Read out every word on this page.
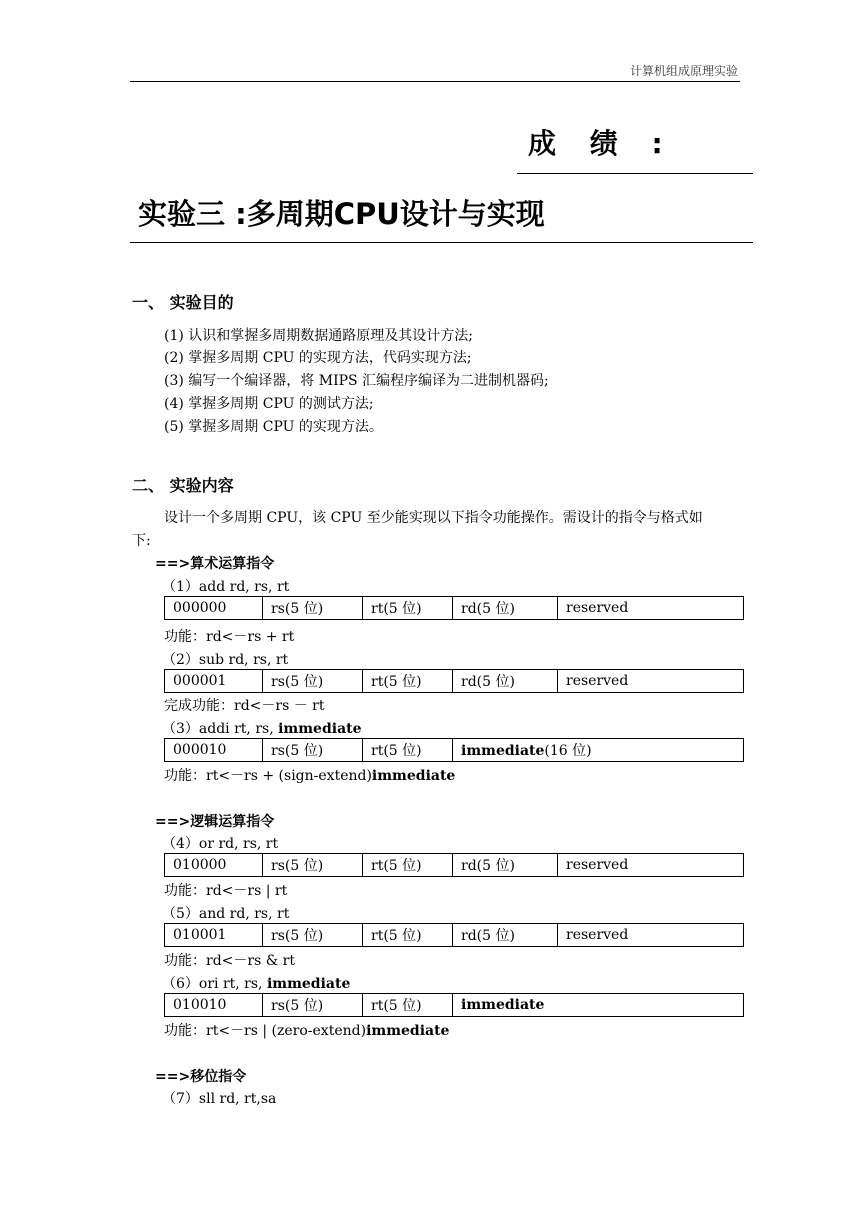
计算机组成原理实验
成 绩 :
实验三 :多周期CPU设计与实现
一、 实验目的
(1) 认识和掌握多周期数据通路原理及其设计方法;
(2) 掌握多周期 CPU 的实现方法，代码实现方法;
(3) 编写一个编译器，将 MIPS 汇编程序编译为二进制机器码;
(4) 掌握多周期 CPU 的测试方法;
(5) 掌握多周期 CPU 的实现方法。
二、 实验内容
设计一个多周期 CPU，该 CPU 至少能实现以下指令功能操作。需设计的指令与格式如
下:
==>算术运算指令
（1）add rd, rs, rt
000000	rs(5 位)	rt(5 位)	rd(5 位)	reserved
功能：rd<－rs + rt
（2）sub rd, rs, rt
000001	rs(5 位)	rt(5 位)	rd(5 位)	reserved
完成功能：rd<－rs － rt
（3）addi rt, rs, immediate
000010	rs(5 位)	rt(5 位)	immediate(16 位)
功能：rt<－rs + (sign-extend)immediate
==>逻辑运算指令
（4）or rd, rs, rt
010000	rs(5 位)	rt(5 位)	rd(5 位)	reserved
功能：rd<－rs | rt
（5）and rd, rs, rt
010001	rs(5 位)	rt(5 位)	rd(5 位)	reserved
功能：rd<－rs & rt
（6）ori rt, rs, immediate
010010	rs(5 位)	rt(5 位)	immediate
功能：rt<－rs | (zero-extend)immediate
==>移位指令
（7）sll rd, rt,sa
